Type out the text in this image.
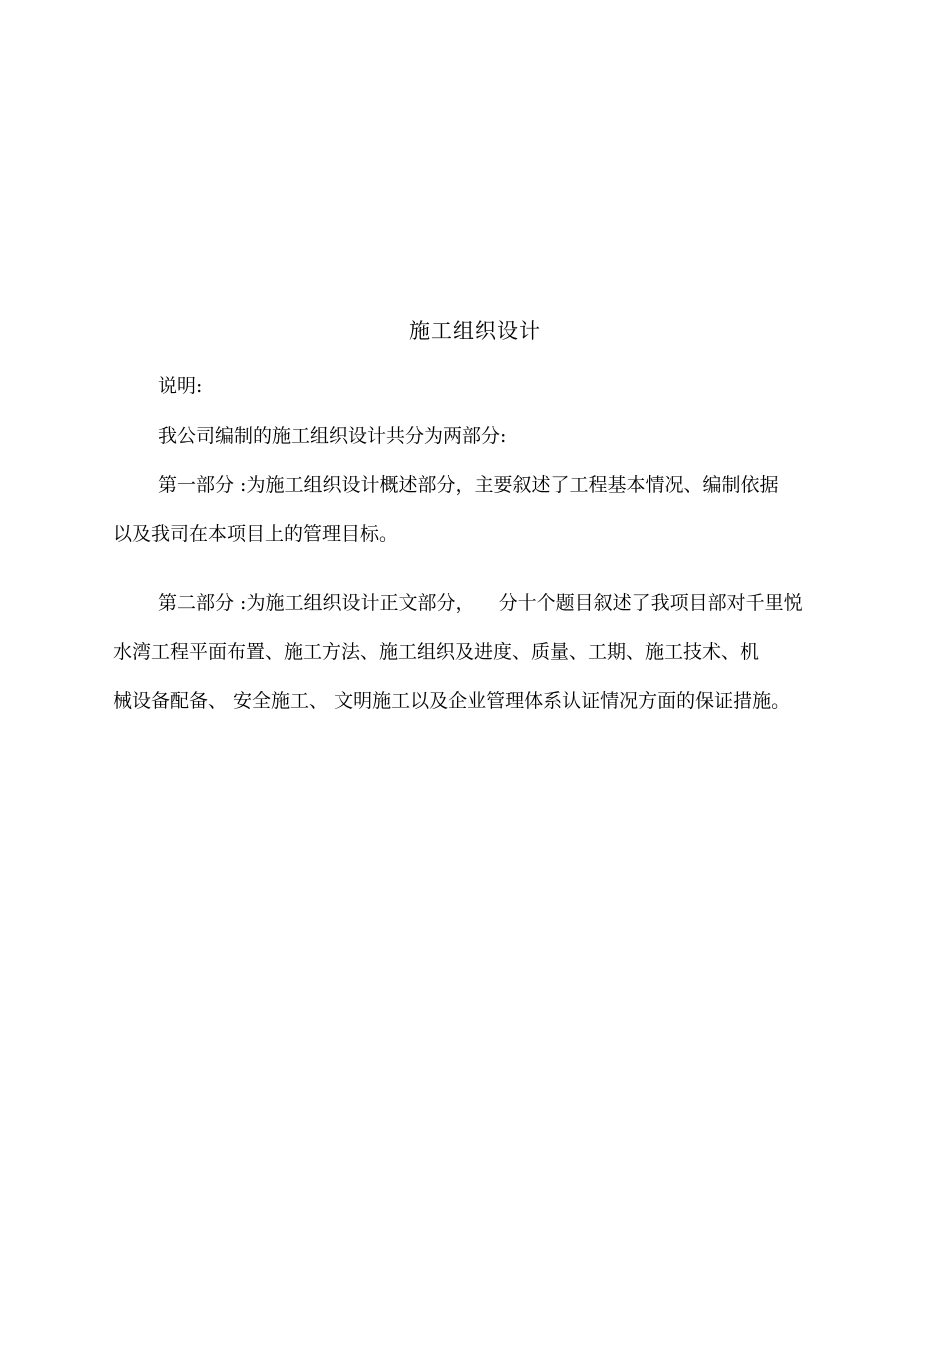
施工组织设计
说明:
我公司编制的施工组织设计共分为两部分:
第一部分 :为施工组织设计概述部分，主要叙述了工程基本情况、编制依据
以及我司在本项目上的管理目标。
第二部分 :为施工组织设计正文部分，    分十个题目叙述了我项目部对千里悦
水湾工程平面布置、施工方法、施工组织及进度、质量、工期、施工技术、机
械设备配备、 安全施工、 文明施工以及企业管理体系认证情况方面的保证措施。
